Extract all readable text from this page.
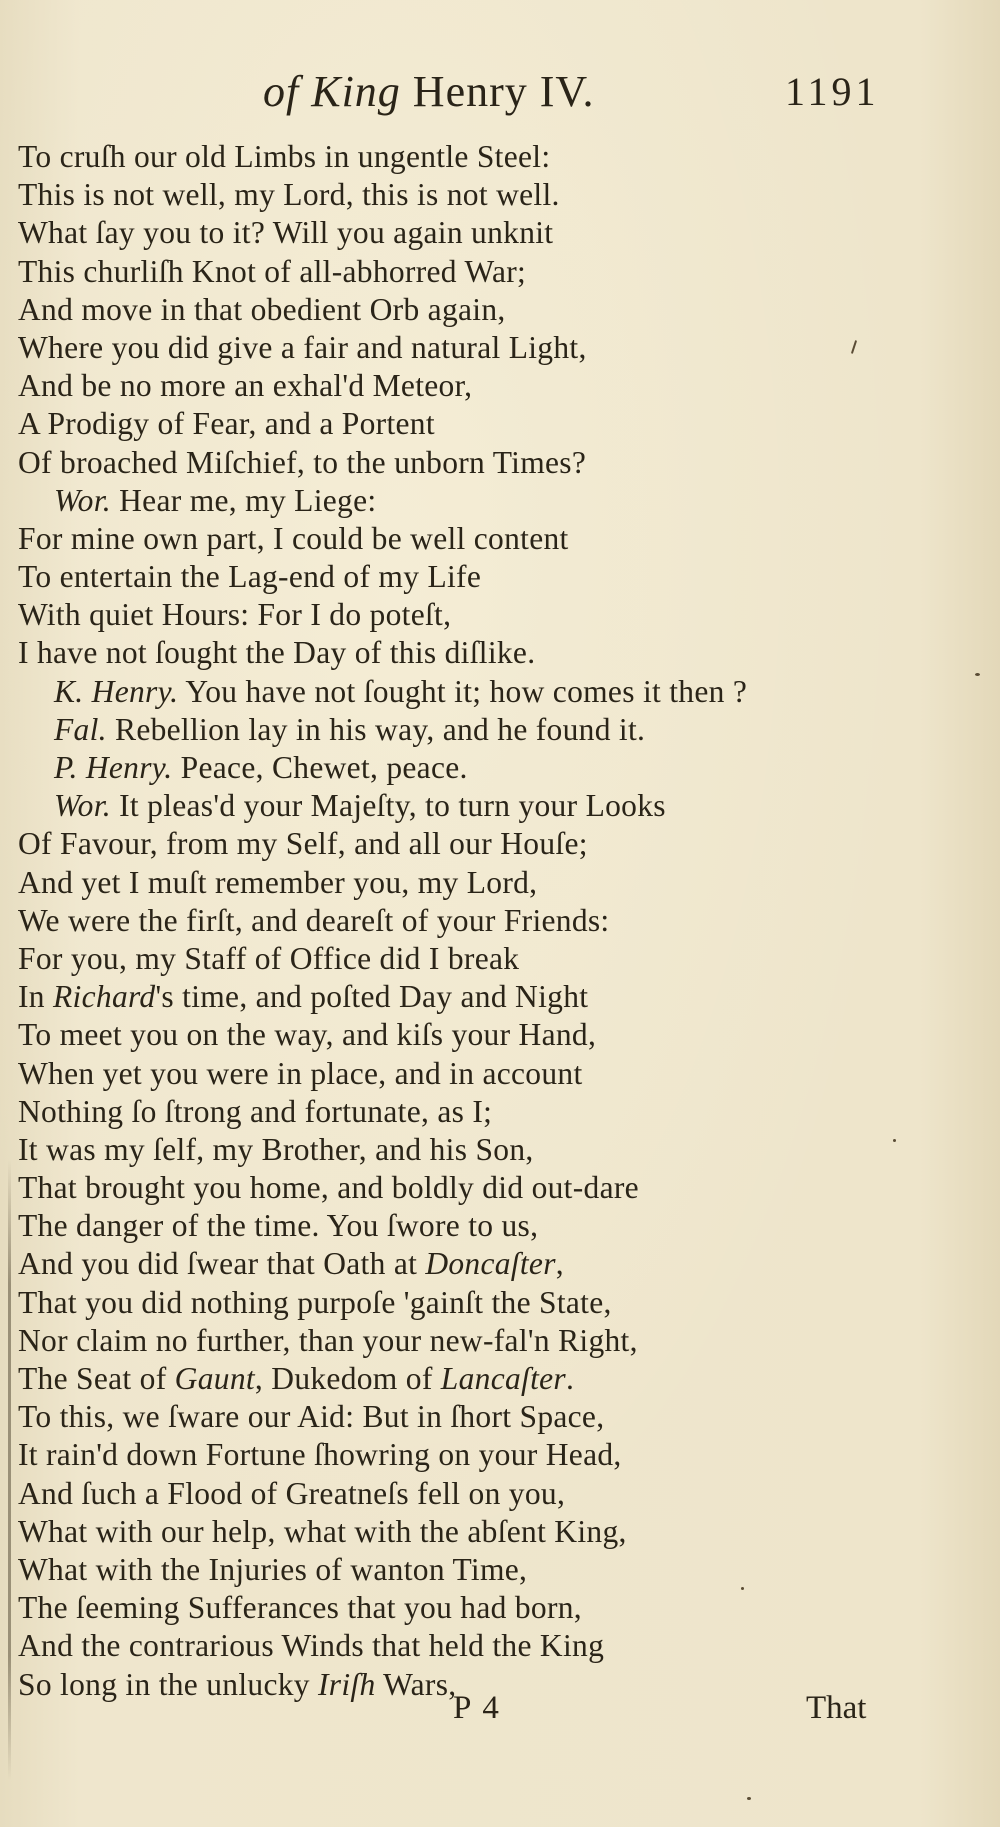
of King Henry IV.	1191
To cruſh our old Limbs in ungentle Steel:
This is not well, my Lord, this is not well.
What ſay you to it? Will you again unknit
This churliſh Knot of all-abhorred War;
And move in that obedient Orb again,
Where you did give a fair and natural Light,
And be no more an exhal'd Meteor,
A Prodigy of Fear, and a Portent
Of broached Miſchief, to the unborn Times?
Wor. Hear me, my Liege:
For mine own part, I could be well content
To entertain the Lag-end of my Life
With quiet Hours: For I do poteſt,
I have not ſought the Day of this diſlike.
K. Henry. You have not ſought it; how comes it then ?
Fal. Rebellion lay in his way, and he found it.
P. Henry. Peace, Chewet, peace.
Wor. It pleas'd your Majeſty, to turn your Looks
Of Favour, from my Self, and all our Houſe;
And yet I muſt remember you, my Lord,
We were the firſt, and deareſt of your Friends:
For you, my Staff of Office did I break
In Richard's time, and poſted Day and Night
To meet you on the way, and kiſs your Hand,
When yet you were in place, and in account
Nothing ſo ſtrong and fortunate, as I;
It was my ſelf, my Brother, and his Son,
That brought you home, and boldly did out-dare
The danger of the time. You ſwore to us,
And you did ſwear that Oath at Doncaſter,
That you did nothing purpoſe 'gainſt the State,
Nor claim no further, than your new-fal'n Right,
The Seat of Gaunt, Dukedom of Lancaſter.
To this, we ſware our Aid: But in ſhort Space,
It rain'd down Fortune ſhowring on your Head,
And ſuch a Flood of Greatneſs fell on you,
What with our help, what with the abſent King,
What with the Injuries of wanton Time,
The ſeeming Sufferances that you had born,
And the contrarious Winds that held the King
So long in the unlucky Iriſh Wars,
P 4	That
